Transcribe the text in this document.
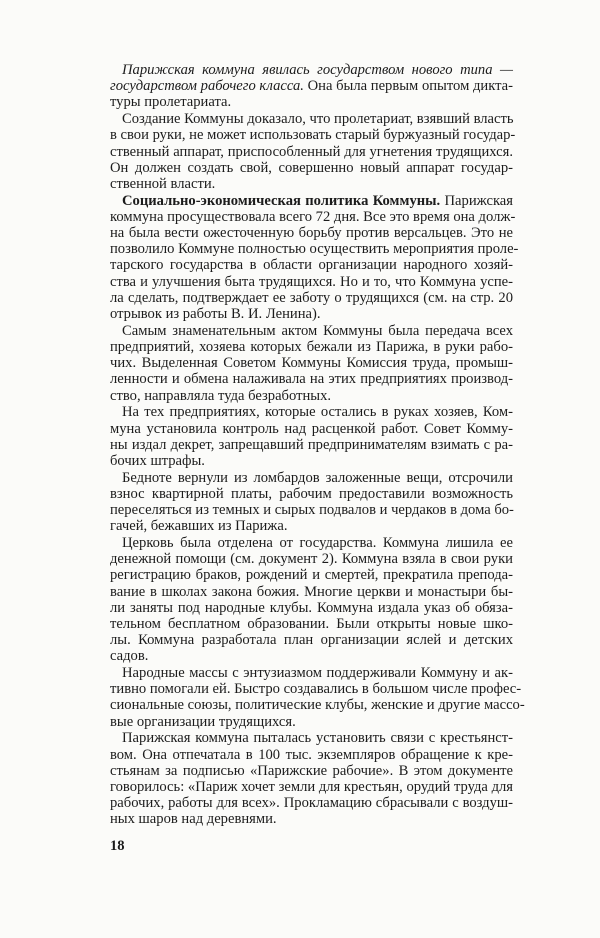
Парижская коммуна явилась государством нового типа —
государством рабочего класса. Она была первым опытом дикта-
туры пролетариата.
Создание Коммуны доказало, что пролетариат, взявший власть
в свои руки, не может использовать старый буржуазный государ-
ственный аппарат, приспособленный для угнетения трудящихся.
Он должен создать свой, совершенно новый аппарат государ-
ственной власти.
Социально-экономическая политика Коммуны. Парижская
коммуна просуществовала всего 72 дня. Все это время она долж-
на была вести ожесточенную борьбу против версальцев. Это не
позволило Коммуне полностью осуществить мероприятия проле-
тарского государства в области организации народного хозяй-
ства и улучшения быта трудящихся. Но и то, что Коммуна успе-
ла сделать, подтверждает ее заботу о трудящихся (см. на стр. 20
отрывок из работы В. И. Ленина).
Самым знаменательным актом Коммуны была передача всех
предприятий, хозяева которых бежали из Парижа, в руки рабо-
чих. Выделенная Советом Коммуны Комиссия труда, промыш-
ленности и обмена налаживала на этих предприятиях производ-
ство, направляла туда безработных.
На тех предприятиях, которые остались в руках хозяев, Ком-
муна установила контроль над расценкой работ. Совет Комму-
ны издал декрет, запрещавший предпринимателям взимать с ра-
бочих штрафы.
Бедноте вернули из ломбардов заложенные вещи, отсрочили
взнос квартирной платы, рабочим предоставили возможность
переселяться из темных и сырых подвалов и чердаков в дома бо-
гачей, бежавших из Парижа.
Церковь была отделена от государства. Коммуна лишила ее
денежной помощи (см. документ 2). Коммуна взяла в свои руки
регистрацию браков, рождений и смертей, прекратила препода-
вание в школах закона божия. Многие церкви и монастыри бы-
ли заняты под народные клубы. Коммуна издала указ об обяза-
тельном бесплатном образовании. Были открыты новые шко-
лы. Коммуна разработала план организации яслей и детских
садов.
Народные массы с энтузиазмом поддерживали Коммуну и ак-
тивно помогали ей. Быстро создавались в большом числе профес-
сиональные союзы, политические клубы, женские и другие массо-
вые организации трудящихся.
Парижская коммуна пыталась установить связи с крестьянст-
вом. Она отпечатала в 100 тыс. экземпляров обращение к кре-
стьянам за подписью «Парижские рабочие». В этом документе
говорилось: «Париж хочет земли для крестьян, орудий труда для
рабочих, работы для всех». Прокламацию сбрасывали с воздуш-
ных шаров над деревнями.
18
